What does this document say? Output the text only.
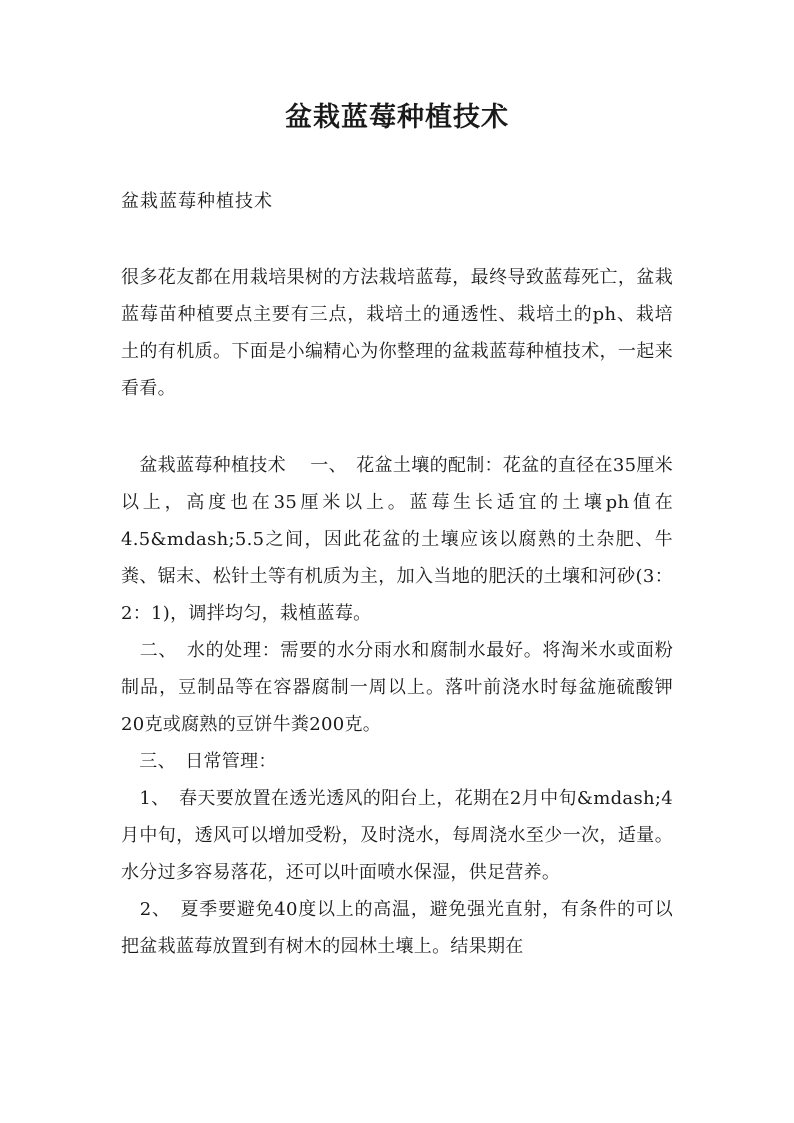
盆栽蓝莓种植技术

盆栽蓝莓种植技术

很多花友都在用栽培果树的方法栽培蓝莓，最终导致蓝莓死亡，盆栽蓝莓苗种植要点主要有三点，栽培土的通透性、栽培土的ph、栽培土的有机质。下面是小编精心为你整理的盆栽蓝莓种植技术，一起来看看。

　盆栽蓝莓种植技术　 一、　花盆土壤的配制：花盆的直径在35厘米以上，高度也在35厘米以上。蓝莓生长适宜的土壤ph值在4.5&mdash;5.5之间，因此花盆的土壤应该以腐熟的土杂肥、牛粪、锯末、松针土等有机质为主，加入当地的肥沃的土壤和河砂(3：2：1)，调拌均匀，栽植蓝莓。

　二、　水的处理：需要的水分雨水和腐制水最好。将淘米水或面粉制品，豆制品等在容器腐制一周以上。落叶前浇水时每盆施硫酸钾20克或腐熟的豆饼牛粪200克。

　三、　日常管理：

　1、　春天要放置在透光透风的阳台上，花期在2月中旬&mdash;4月中旬，透风可以增加受粉，及时浇水，每周浇水至少一次，适量。水分过多容易落花，还可以叶面喷水保湿，供足营养。

　2、　夏季要避免40度以上的高温，避免强光直射，有条件的可以把盆栽蓝莓放置到有树木的园林土壤上。结果期在
